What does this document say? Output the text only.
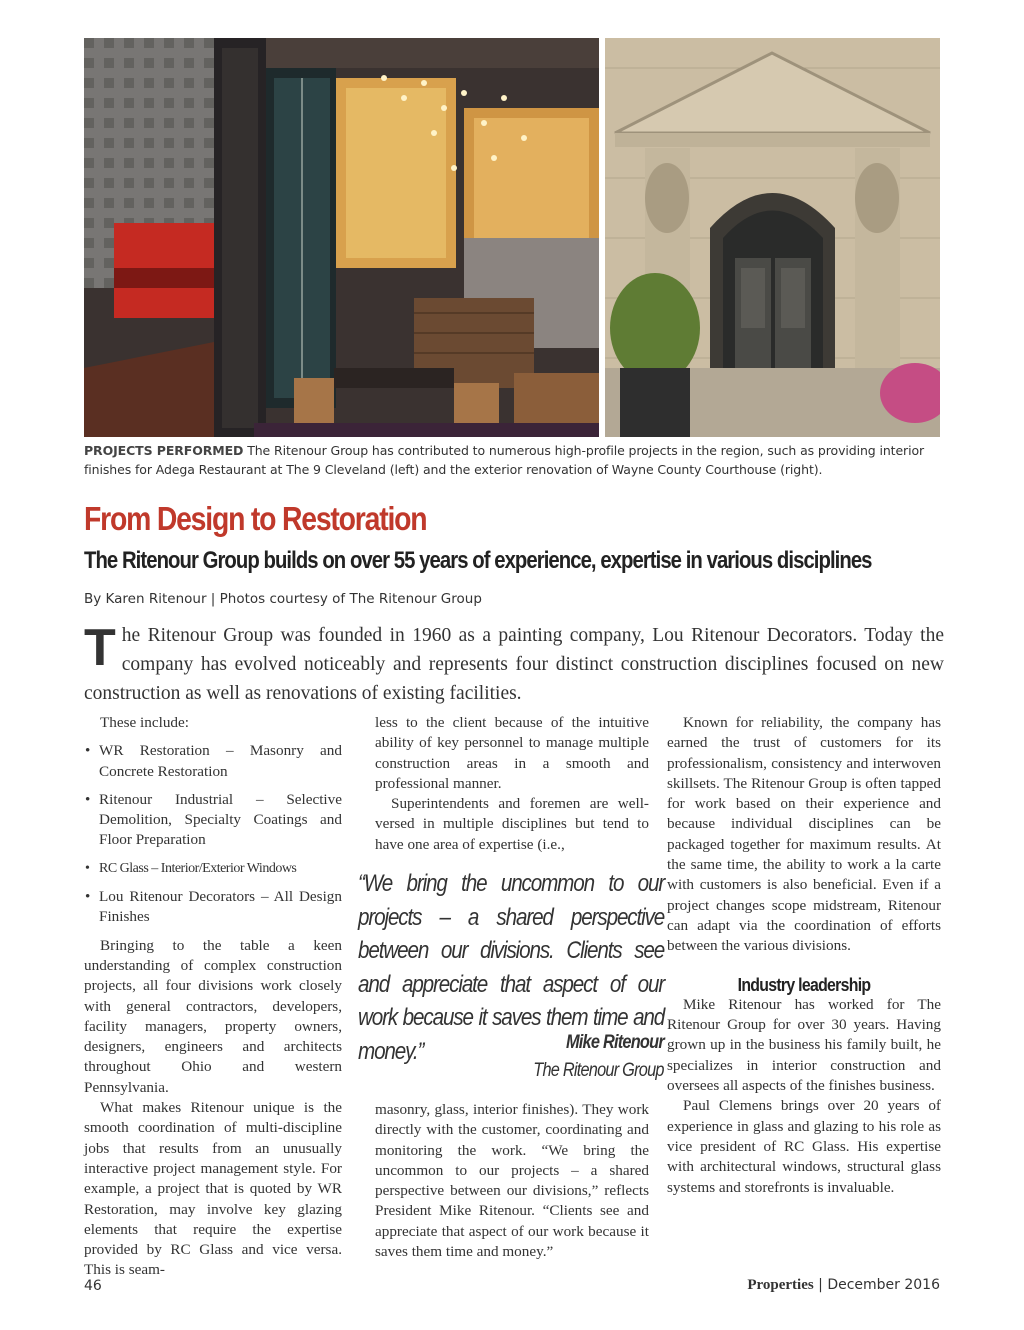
PROJECTS PERFORMED The Ritenour Group has contributed to numerous high-profile projects in the region, such as providing interior finishes for Adega Restaurant at The 9 Cleveland (left) and the exterior renovation of Wayne County Courthouse (right).
From Design to Restoration
The Ritenour Group builds on over 55 years of experience, expertise in various disciplines
By Karen Ritenour | Photos courtesy of The Ritenour Group
The Ritenour Group was founded in 1960 as a painting company, Lou Ritenour Decorators. Today the company has evolved noticeably and represents four distinct construction disciplines focused on new construction as well as renovations of existing facilities.

These include:

• WR Restoration – Masonry and Concrete Restoration
• Ritenour Industrial – Selective Demolition, Specialty Coatings and Floor Preparation
• RC Glass – Interior/Exterior Windows
• Lou Ritenour Decorators – All Design Finishes

Bringing to the table a keen understanding of complex construction projects, all four divisions work closely with general contractors, developers, facility managers, property owners, designers, engineers and architects throughout Ohio and western Pennsylvania.

What makes Ritenour unique is the smooth coordination of multi-discipline jobs that results from an unusually interactive project management style. For example, a project that is quoted by WR Restoration, may involve key glazing elements that require the expertise provided by RC Glass and vice versa. This is seam-

less to the client because of the intuitive ability of key personnel to manage multiple construction areas in a smooth and professional manner.

Superintendents and foremen are well-versed in multiple disciplines but tend to have one area of expertise (i.e.,

“We bring the uncommon to our projects – a shared perspective between our divisions. Clients see and appreciate that aspect of our work because it saves them time and money.”	Mike Ritenour
The Ritenour Group

masonry, glass, interior finishes). They work directly with the customer, coordinating and monitoring the work. “We bring the uncommon to our projects – a shared perspective between our divisions,” reflects President Mike Ritenour. “Clients see and appreciate that aspect of our work because it saves them time and money.”

Known for reliability, the company has earned the trust of customers for its professionalism, consistency and interwoven skillsets. The Ritenour Group is often tapped for work based on their experience and because individual disciplines can be packaged together for maximum results. At the same time, the ability to work a la carte with customers is also beneficial. Even if a project changes scope midstream, Ritenour can adapt via the coordination of efforts between the various divisions.

Industry leadership

Mike Ritenour has worked for The Ritenour Group for over 30 years. Having grown up in the business his family built, he specializes in interior construction and oversees all aspects of the finishes business.

Paul Clemens brings over 20 years of experience in glass and glazing to his role as vice president of RC Glass. His expertise with architectural windows, structural glass systems and storefronts is invaluable.

46	Properties | December 2016
